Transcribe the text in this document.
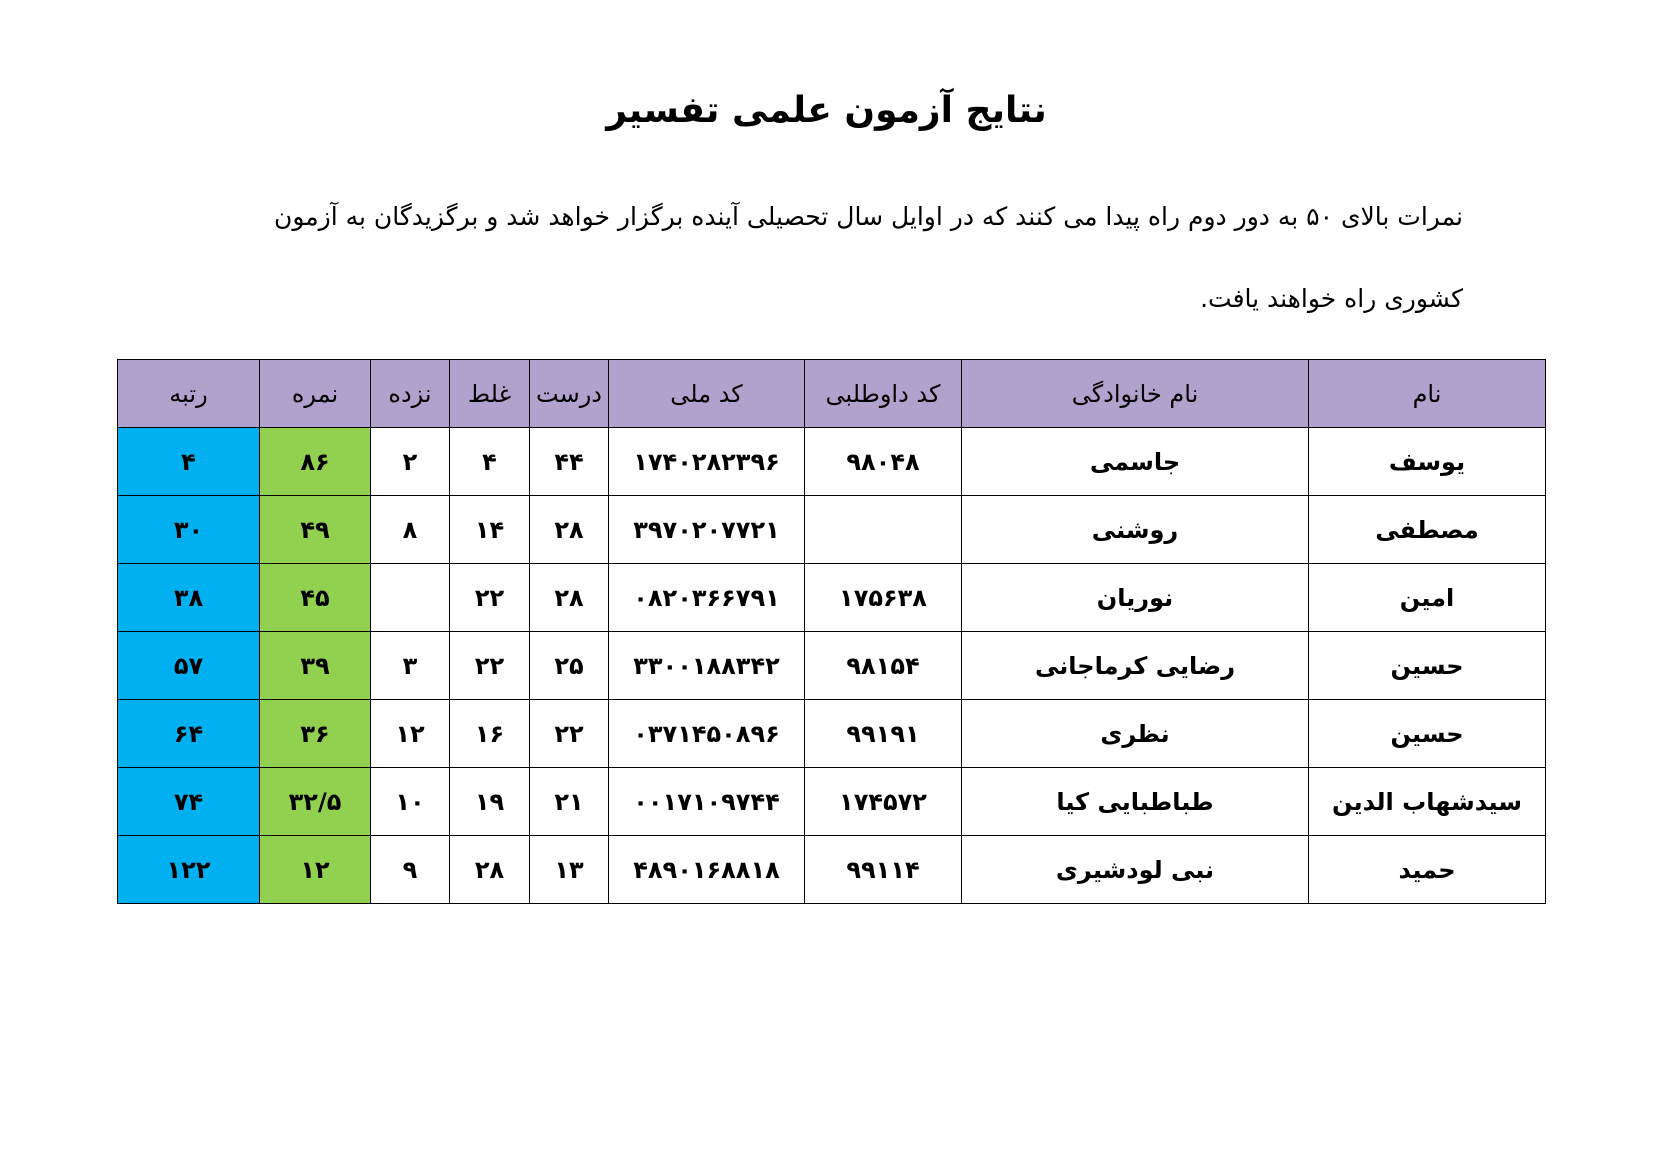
نتایج آزمون علمی تفسیر

نمرات بالای ۵۰ به دور دوم راه پیدا می کنند که در اوایل سال تحصیلی آینده برگزار خواهد شد و برگزیدگان به آزمون کشوری راه خواهند یافت.

نام	نام خانوادگی	کد داوطلبی	کد ملی	درست	غلط	نزده	نمره	رتبه
یوسف	جاسمی	۹۸۰۴۸	۱۷۴۰۲۸۲۳۹۶	۴۴	۴	۲	۸۶	۴
مصطفی	روشنی		۳۹۷۰۲۰۷۷۲۱	۲۸	۱۴	۸	۴۹	۳۰
امین	نوریان	۱۷۵۶۳۸	۰۸۲۰۳۶۶۷۹۱	۲۸	۲۲		۴۵	۳۸
حسین	رضایی کرماجانی	۹۸۱۵۴	۳۳۰۰۱۸۸۳۴۲	۲۵	۲۲	۳	۳۹	۵۷
حسین	نظری	۹۹۱۹۱	۰۳۷۱۴۵۰۸۹۶	۲۲	۱۶	۱۲	۳۶	۶۴
سیدشهاب الدین	طباطبایی کیا	۱۷۴۵۷۲	۰۰۱۷۱۰۹۷۴۴	۲۱	۱۹	۱۰	۳۲/۵	۷۴
حمید	نبی لودشیری	۹۹۱۱۴	۴۸۹۰۱۶۸۸۱۸	۱۳	۲۸	۹	۱۲	۱۲۲
